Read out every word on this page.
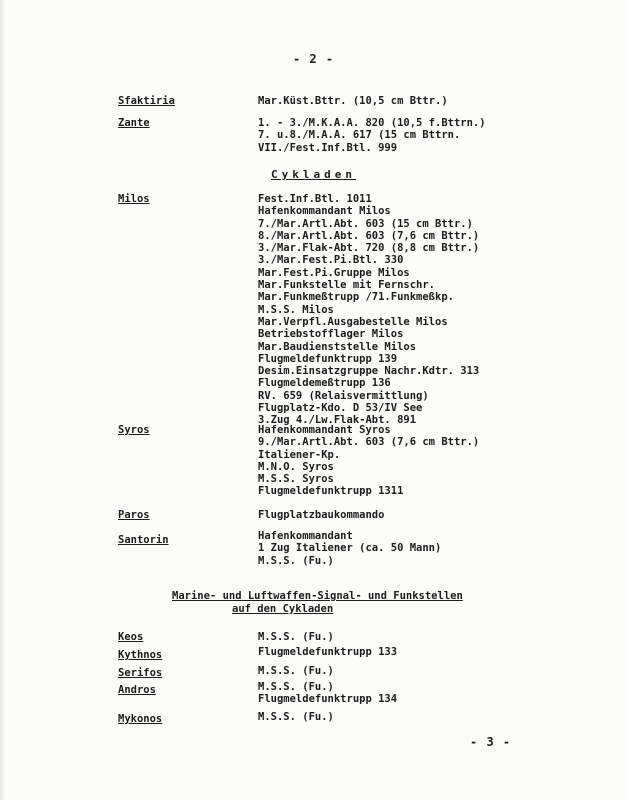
- 2 -
Sfaktiria	Mar.Küst.Bttr. (10,5 cm Bttr.)
Zante	1. - 3./M.K.A.A. 820 (10,5 f.Bttrn.)
7. u.8./M.A.A. 617 (15 cm Bttrn.
VII./Fest.Inf.Btl. 999
Cykladen
Milos	Fest.Inf.Btl. 1011
Hafenkommandant Milos
7./Mar.Artl.Abt. 603 (15 cm Bttr.)
8./Mar.Artl.Abt. 603 (7,6 cm Bttr.)
3./Mar.Flak-Abt. 720 (8,8 cm Bttr.)
3./Mar.Fest.Pi.Btl. 330
Mar.Fest.Pi.Gruppe Milos
Mar.Funkstelle mit Fernschr.
Mar.Funkmeßtrupp /71.Funkmeßkp.
M.S.S. Milos
Mar.Verpfl.Ausgabestelle Milos
Betriebstofflager Milos
Mar.Baudienststelle Milos
Flugmeldefunktrupp 139
Desim.Einsatzgruppe Nachr.Kdtr. 313
Flugmeldemeßtrupp 136
RV. 659 (Relaisvermittlung)
Flugplatz-Kdo. D 53/IV See
3.Zug 4./Lw.Flak-Abt. 891
Syros	Hafenkommandant Syros
9./Mar.Artl.Abt. 603 (7,6 cm Bttr.)
Italiener-Kp.
M.N.O. Syros
M.S.S. Syros
Flugmeldefunktrupp 1311
Paros	Flugplatzbaukommando
Santorin	Hafenkommandant
1 Zug Italiener (ca. 50 Mann)
M.S.S. (Fu.)
Marine- und Luftwaffen-Signal- und Funkstellen
auf den Cykladen
Keos	M.S.S. (Fu.)
Kythnos	Flugmeldefunktrupp 133
Serifos	M.S.S. (Fu.)
Andros	M.S.S. (Fu.)
Flugmeldefunktrupp 134
Mykonos	M.S.S. (Fu.)
- 3 -
